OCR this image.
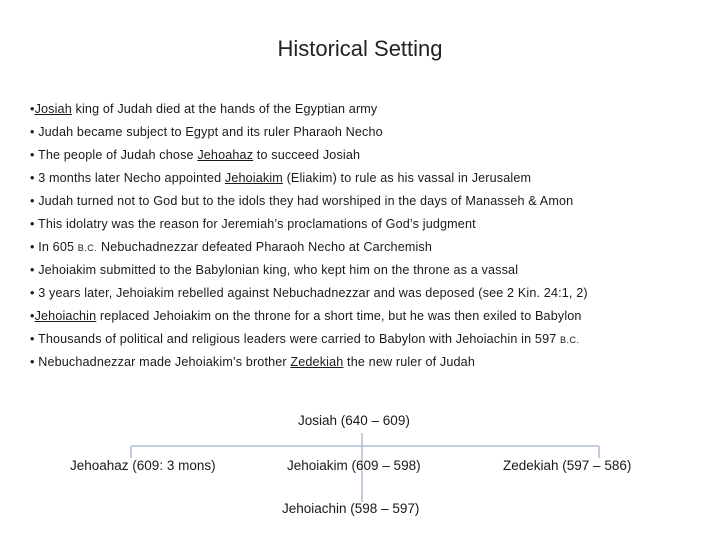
Historical Setting
•Josiah king of Judah died at the hands of the Egyptian army
• Judah became subject to Egypt and its ruler Pharaoh Necho
• The people of Judah chose Jehoahaz to succeed Josiah
• 3 months later Necho appointed Jehoiakim (Eliakim) to rule as his vassal in Jerusalem
• Judah turned not to God but to the idols they had worshiped in the days of Manasseh & Amon
• This idolatry was the reason for Jeremiah’s proclamations of God’s judgment
• In 605 B.C. Nebuchadnezzar defeated Pharaoh Necho at Carchemish
• Jehoiakim submitted to the Babylonian king, who kept him on the throne as a vassal
• 3 years later, Jehoiakim rebelled against Nebuchadnezzar and was deposed (see 2 Kin. 24:1, 2)
•Jehoiachin replaced Jehoiakim on the throne for a short time, but he was then exiled to Babylon
• Thousands of political and religious leaders were carried to Babylon with Jehoiachin in 597 B.C.
• Nebuchadnezzar made Jehoiakim’s brother Zedekiah the new ruler of Judah
Josiah (640 – 609)
Jehoahaz (609: 3 mons)	Jehoiakim (609 – 598)	Zedekiah (597 – 586)
Jehoiachin (598 – 597)
